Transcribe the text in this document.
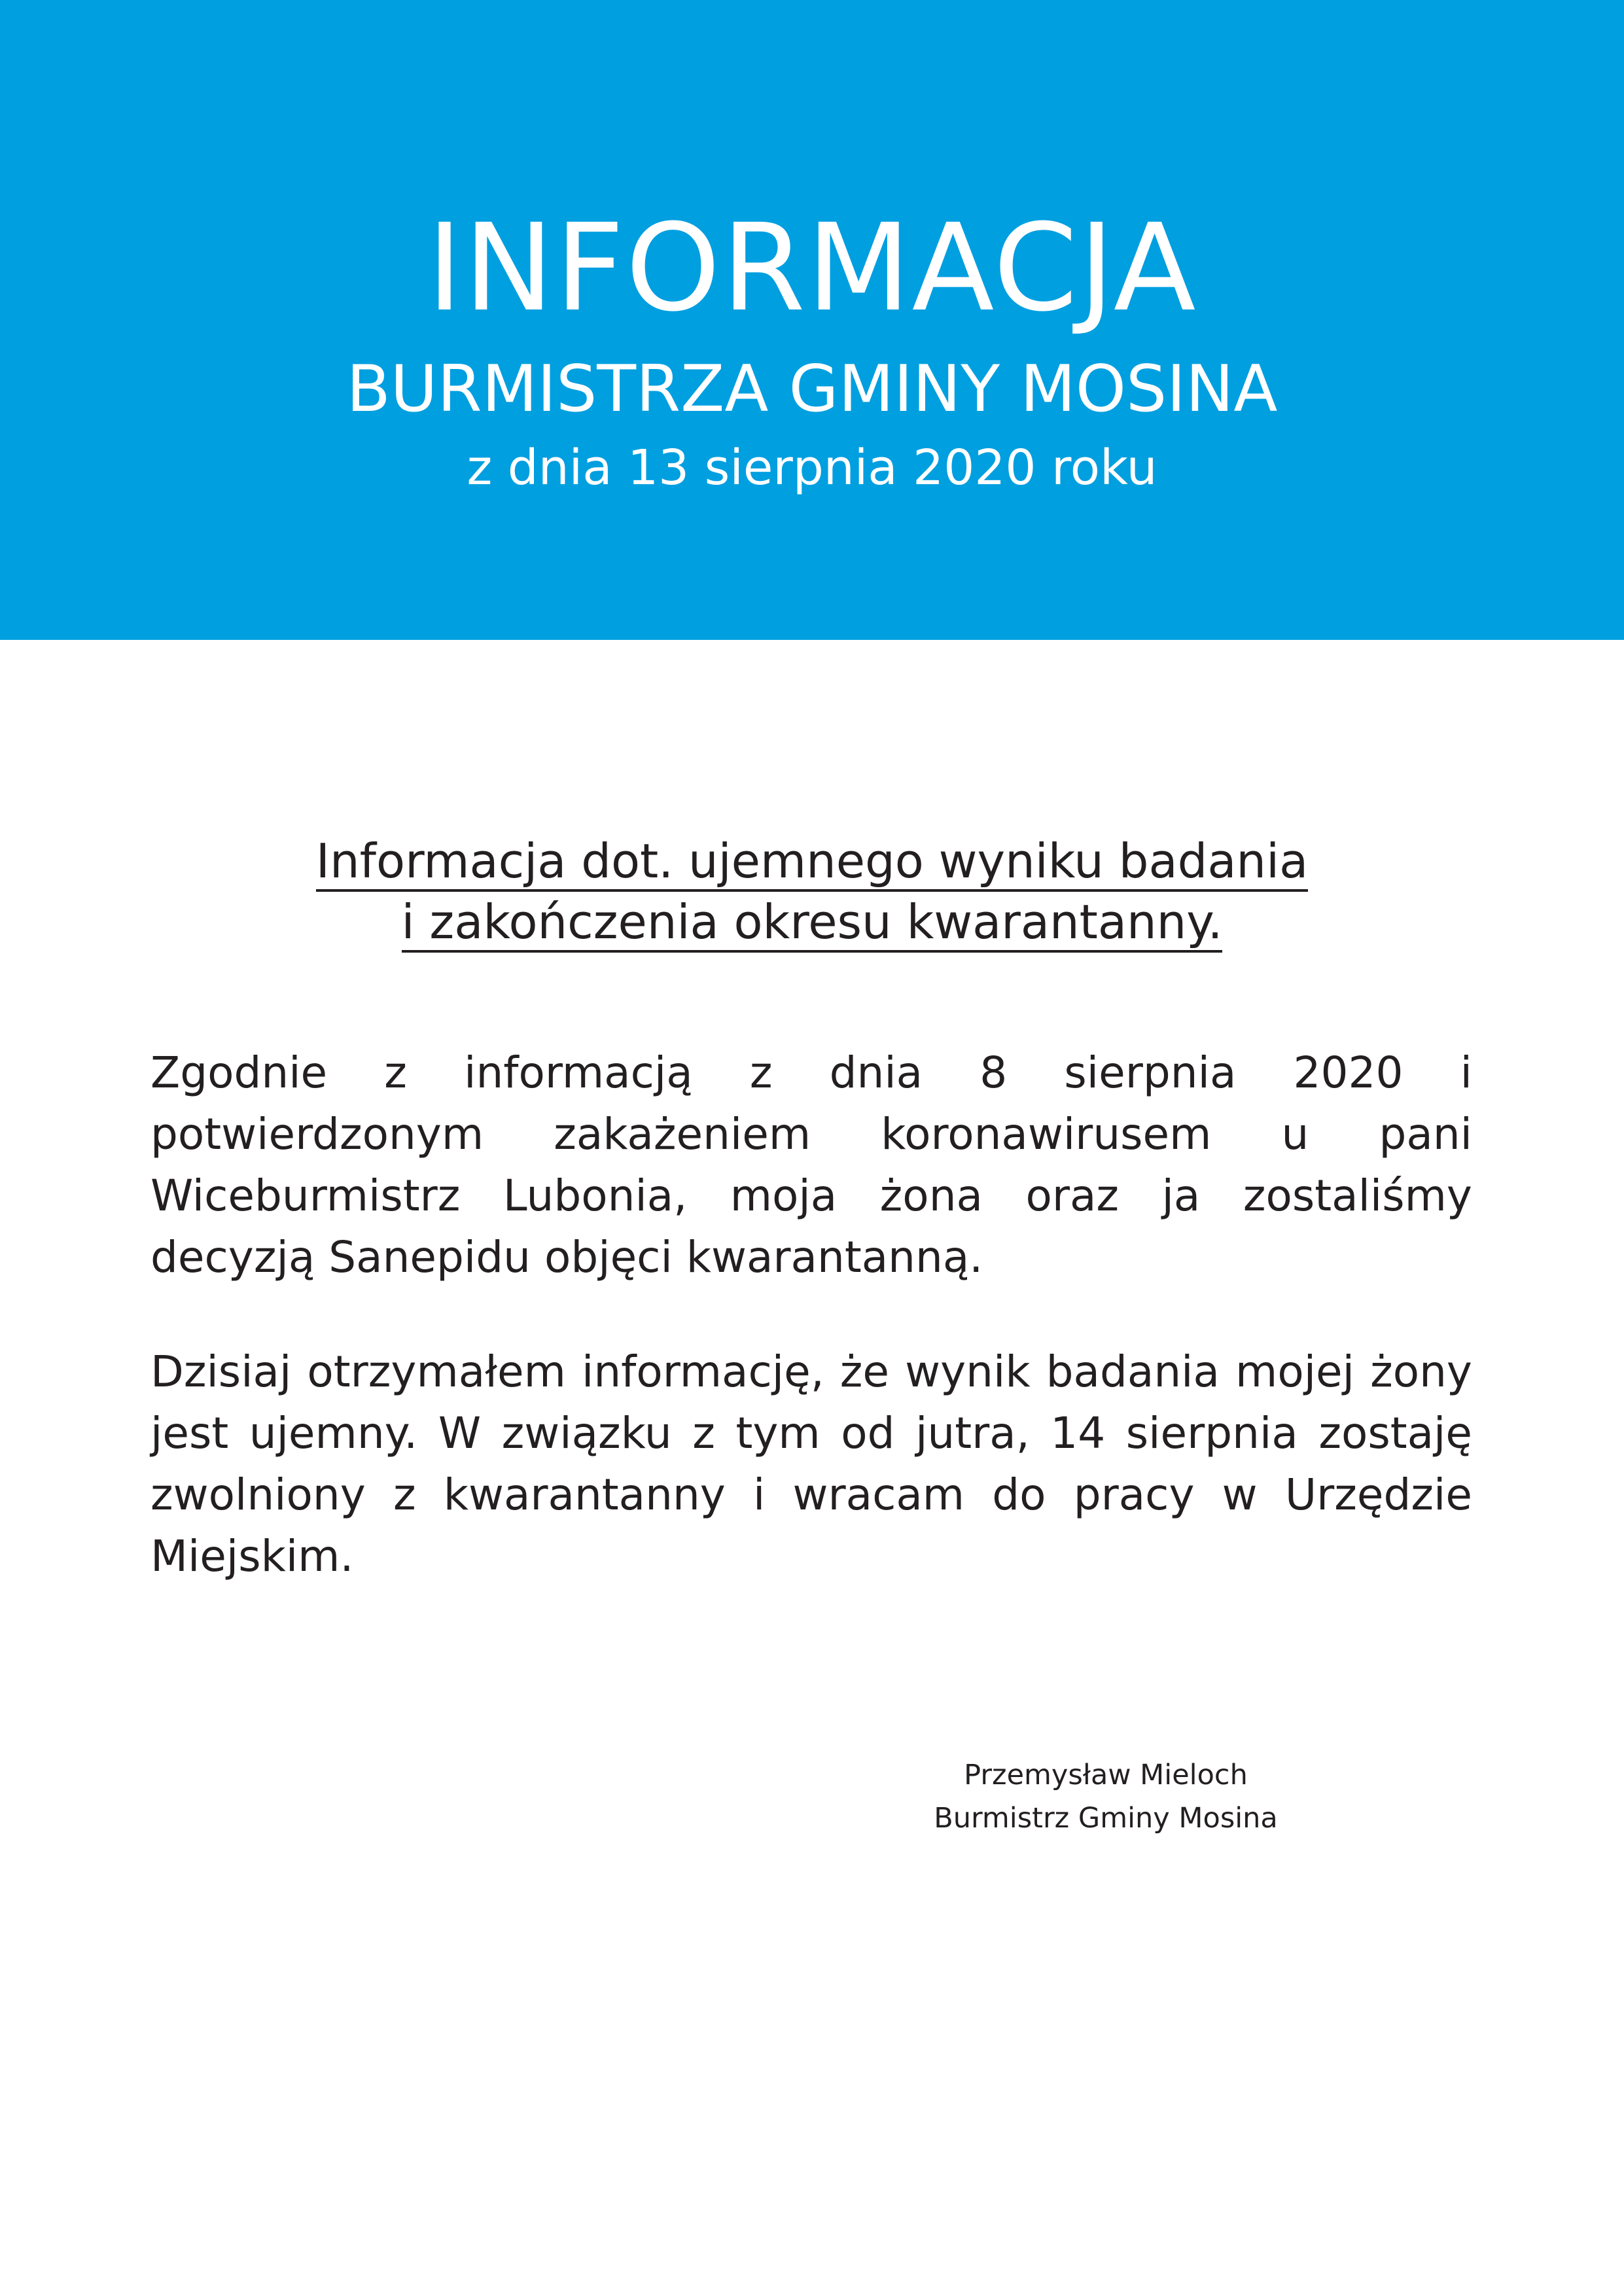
INFORMACJA
BURMISTRZA GMINY MOSINA
z dnia 13 sierpnia 2020 roku
Informacja dot. ujemnego wyniku badania
i zakończenia okresu kwarantanny.

Zgodnie z informacją z dnia 8 sierpnia 2020 i potwierdzonym zakażeniem koronawirusem u pani Wiceburmistrz Lubonia, moja żona oraz ja zostaliśmy decyzją Sanepidu objęci kwarantanną.

Dzisiaj otrzymałem informację, że wynik badania mojej żony jest ujemny. W związku z tym od jutra, 14 sierpnia zostaję zwolniony z kwarantanny i wracam do pracy w Urzędzie Miejskim.

Przemysław Mieloch
Burmistrz Gminy Mosina
